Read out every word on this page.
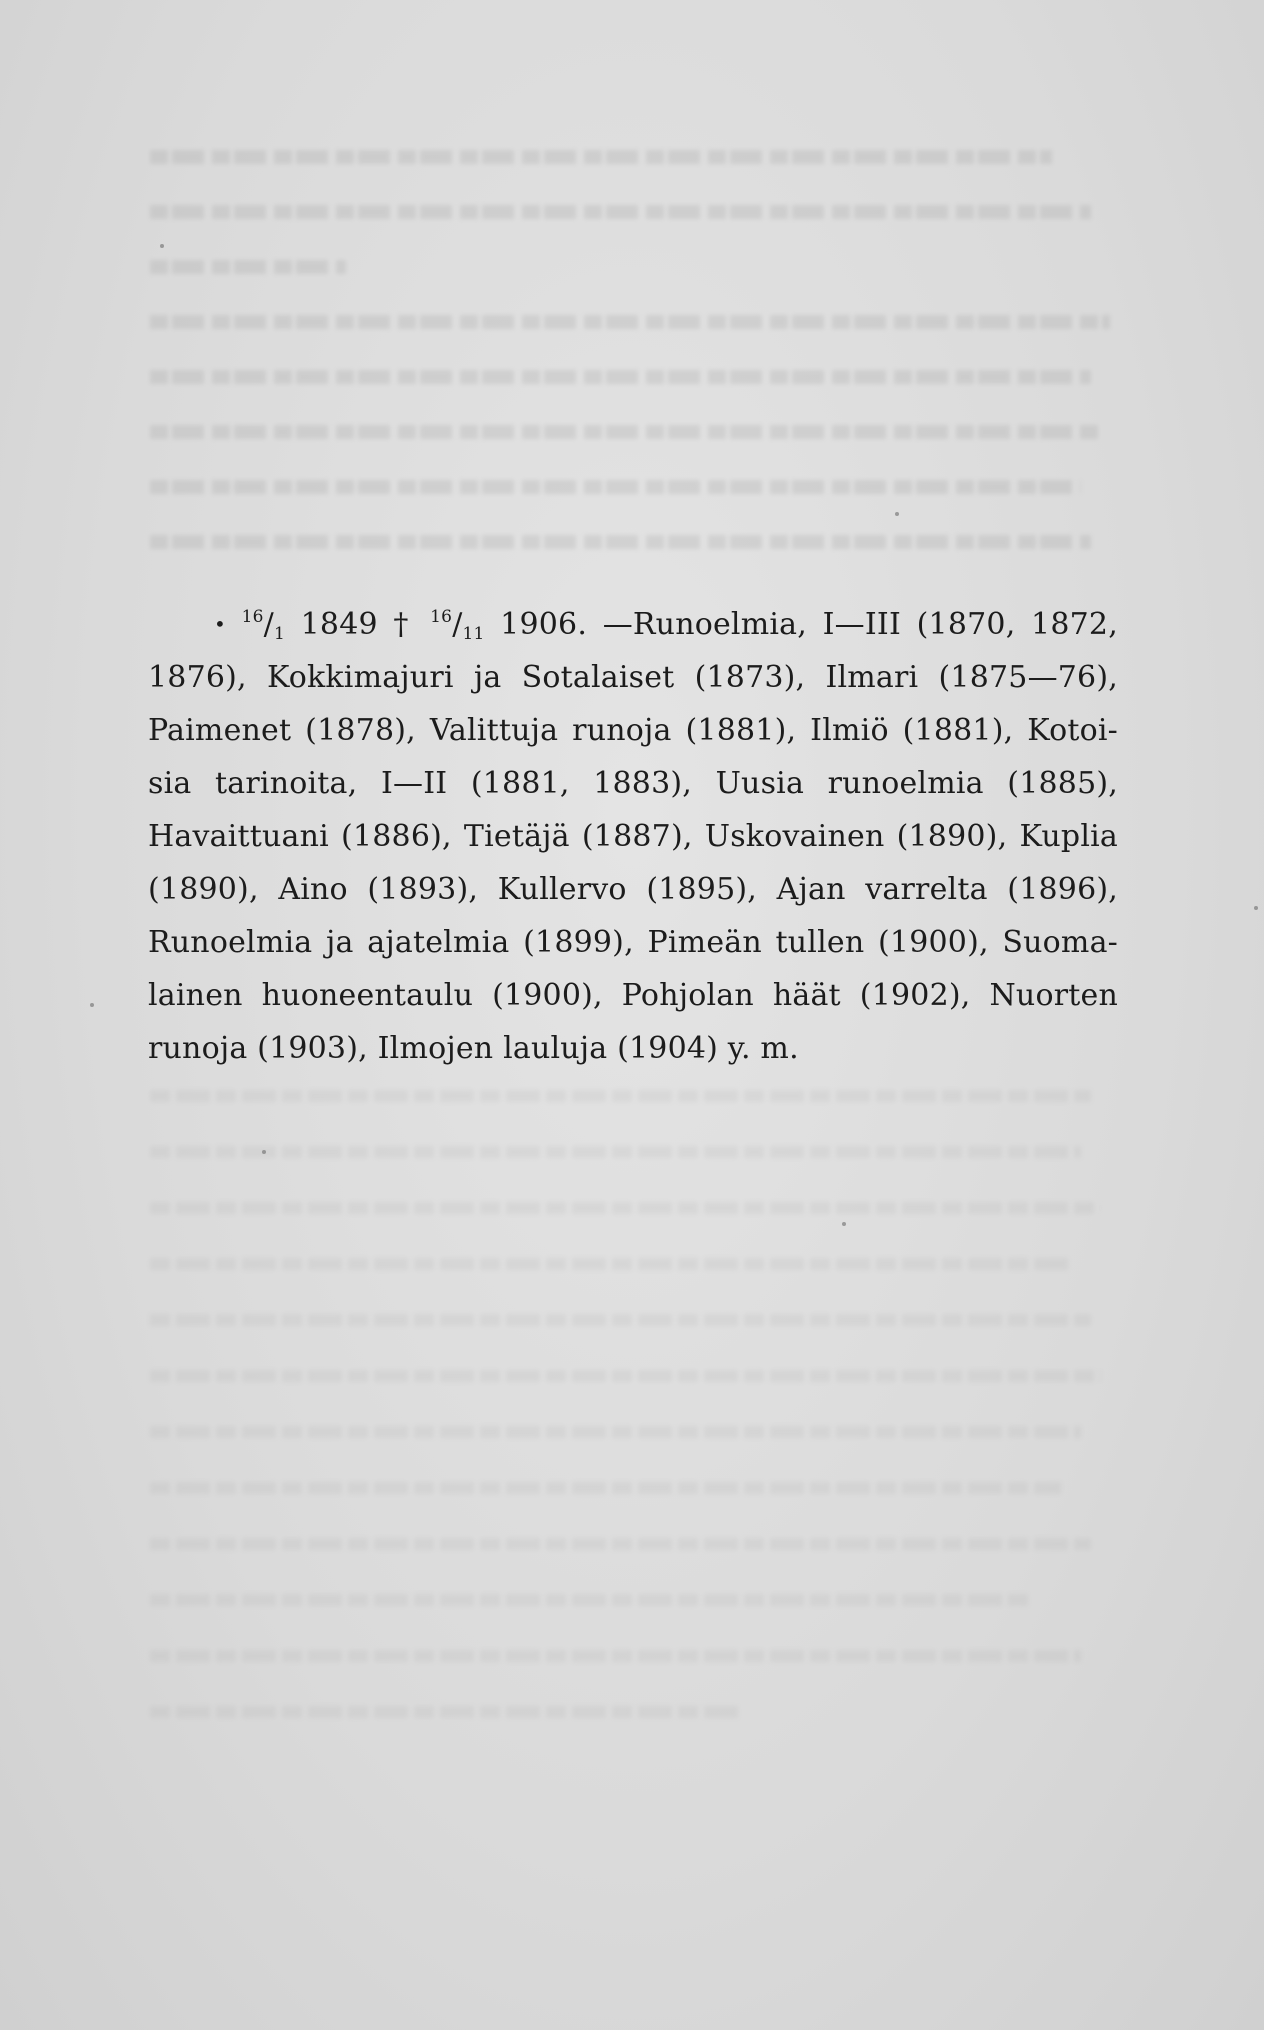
• $^{16}$/1 1849 † $^{16}$/11 1906. —Runoelmia, I—III (1870, 1872,
1876), Kokkimajuri ja Sotalaiset (1873), Ilmari (1875—76),
Paimenet (1878), Valittuja runoja (1881), Ilmiö (1881), Kotoi-
sia tarinoita, I—II (1881, 1883), Uusia runoelmia (1885),
Havaittuani (1886), Tietäjä (1887), Uskovainen (1890), Kuplia
(1890), Aino (1893), Kullervo (1895), Ajan varrelta (1896),
Runoelmia ja ajatelmia (1899), Pimeän tullen (1900), Suoma-
lainen huoneentaulu (1900), Pohjolan häät (1902), Nuorten
runoja (1903), Ilmojen lauluja (1904) y. m.
